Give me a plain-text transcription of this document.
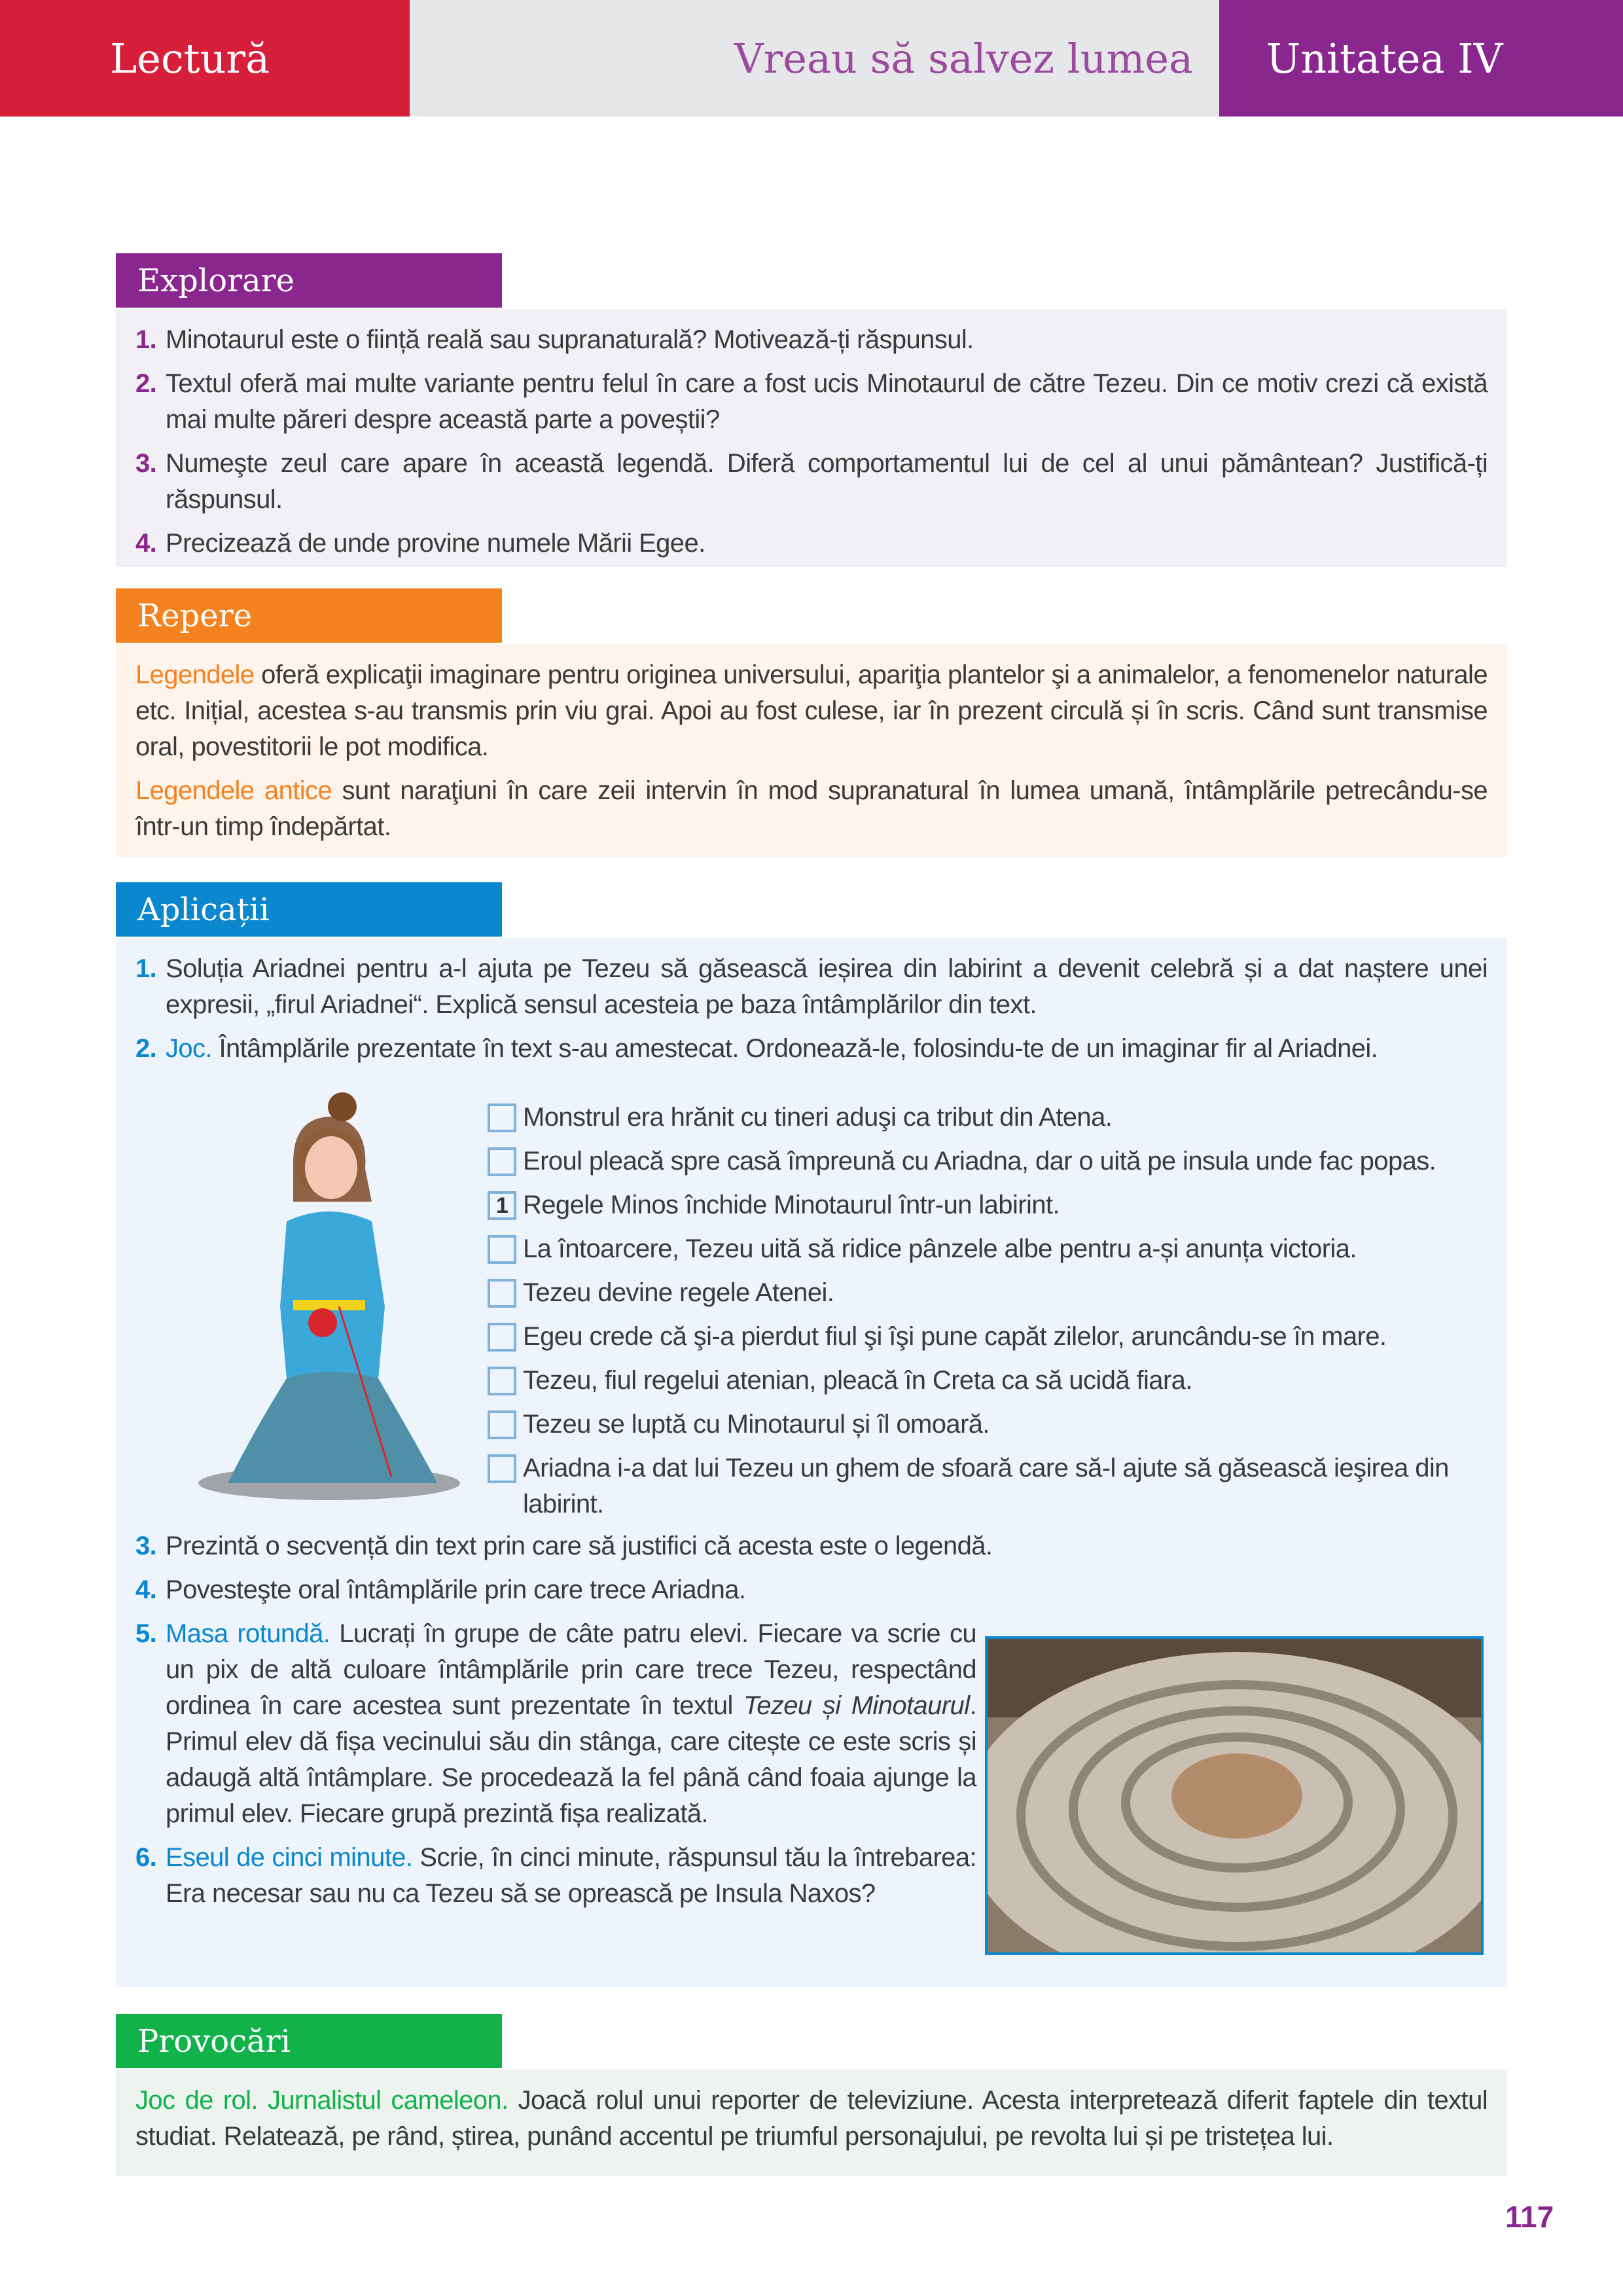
Lectură	Vreau să salvez lumea	Unitatea IV
Explorare
1. Minotaurul este o ființă reală sau supranaturală? Motivează-ți răspunsul.
2. Textul oferă mai multe variante pentru felul în care a fost ucis Minotaurul de către Tezeu. Din ce motiv crezi că există mai multe păreri despre această parte a poveștii?
3. Numeşte zeul care apare în această legendă. Diferă comportamentul lui de cel al unui pământean? Justifică-ți răspunsul.
4. Precizează de unde provine numele Mării Egee.
Repere

Legendele oferă explicaţii imaginare pentru originea universului, apariţia plantelor şi a animalelor, a fenomenelor naturale etc. Inițial, acestea s-au transmis prin viu grai. Apoi au fost culese, iar în prezent circulă și în scris. Când sunt transmise oral, povestitorii le pot modifica.

Legendele antice sunt naraţiuni în care zeii intervin în mod supranatural în lumea umană, întâmplările petrecându-se într-un timp îndepărtat.

Aplicații
1. Soluția Ariadnei pentru a-l ajuta pe Tezeu să găsească ieșirea din labirint a devenit celebră și a dat naștere unei expresii, „firul Ariadnei“. Explică sensul acesteia pe baza întâmplărilor din text.
2. Joc. Întâmplările prezentate în text s-au amestecat. Ordonează-le, folosindu-te de un imaginar fir al Ariadnei.
Monstrul era hrănit cu tineri aduşi ca tribut din Atena.
Eroul pleacă spre casă împreună cu Ariadna, dar o uită pe insula unde fac popas.
1 Regele Minos închide Minotaurul într-un labirint.
La întoarcere, Tezeu uită să ridice pânzele albe pentru a-și anunța victoria.
Tezeu devine regele Atenei.
Egeu crede că şi-a pierdut fiul şi îşi pune capăt zilelor, aruncându-se în mare.
Tezeu, fiul regelui atenian, pleacă în Creta ca să ucidă fiara.
Tezeu se luptă cu Minotaurul și îl omoară.
Ariadna i-a dat lui Tezeu un ghem de sfoară care să-l ajute să găsească ieşirea din labirint.
3. Prezintă o secvență din text prin care să justifici că acesta este o legendă.
4. Povesteşte oral întâmplările prin care trece Ariadna.
5. Masa rotundă. Lucrați în grupe de câte patru elevi. Fiecare va scrie cu un pix de altă culoare întâmplările prin care trece Tezeu, respectând ordinea în care acestea sunt prezentate în textul Tezeu și Minotaurul. Primul elev dă fișa vecinului său din stânga, care citește ce este scris și adaugă altă întâmplare. Se procedează la fel până când foaia ajunge la primul elev. Fiecare grupă prezintă fișa realizată.
6. Eseul de cinci minute. Scrie, în cinci minute, răspunsul tău la întrebarea: Era necesar sau nu ca Tezeu să se oprească pe Insula Naxos?
Provocări

Joc de rol. Jurnalistul cameleon. Joacă rolul unui reporter de televiziune. Acesta interpretează diferit faptele din textul studiat. Relatează, pe rând, știrea, punând accentul pe triumful personajului, pe revolta lui și pe tristețea lui.

117
